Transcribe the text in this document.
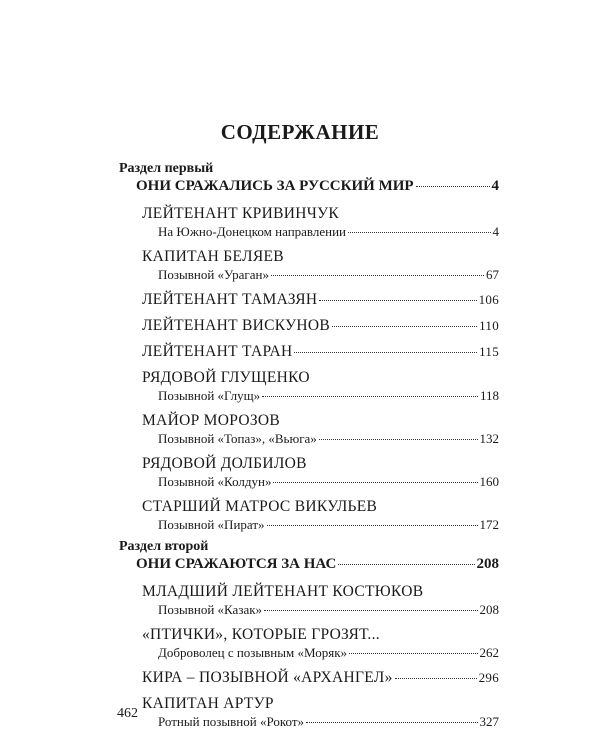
СОДЕРЖАНИЕ
Раздел первый
ОНИ СРАЖАЛИСЬ ЗА РУССКИЙ МИР	4
ЛЕЙТЕНАНТ КРИВИНЧУК
На Южно-Донецком направлении	4
КАПИТАН БЕЛЯЕВ
Позывной «Ураган»	67
ЛЕЙТЕНАНТ ТАМАЗЯН	106
ЛЕЙТЕНАНТ ВИСКУНОВ	110
ЛЕЙТЕНАНТ ТАРАН	115
РЯДОВОЙ ГЛУЩЕНКО
Позывной «Глущ»	118
МАЙОР МОРОЗОВ
Позывной «Топаз», «Вьюга»	132
РЯДОВОЙ ДОЛБИЛОВ
Позывной «Колдун»	160
СТАРШИЙ МАТРОС ВИКУЛЬЕВ
Позывной «Пират»	172
Раздел второй
ОНИ СРАЖАЮТСЯ ЗА НАС	208
МЛАДШИЙ ЛЕЙТЕНАНТ КОСТЮКОВ
Позывной «Казак»	208
«ПТИЧКИ», КОТОРЫЕ ГРОЗЯТ...
Доброволец с позывным «Моряк»	262
КИРА – ПОЗЫВНОЙ «АРХАНГЕЛ»	296
КАПИТАН АРТУР
Ротный позывной «Рокот»	327
462
